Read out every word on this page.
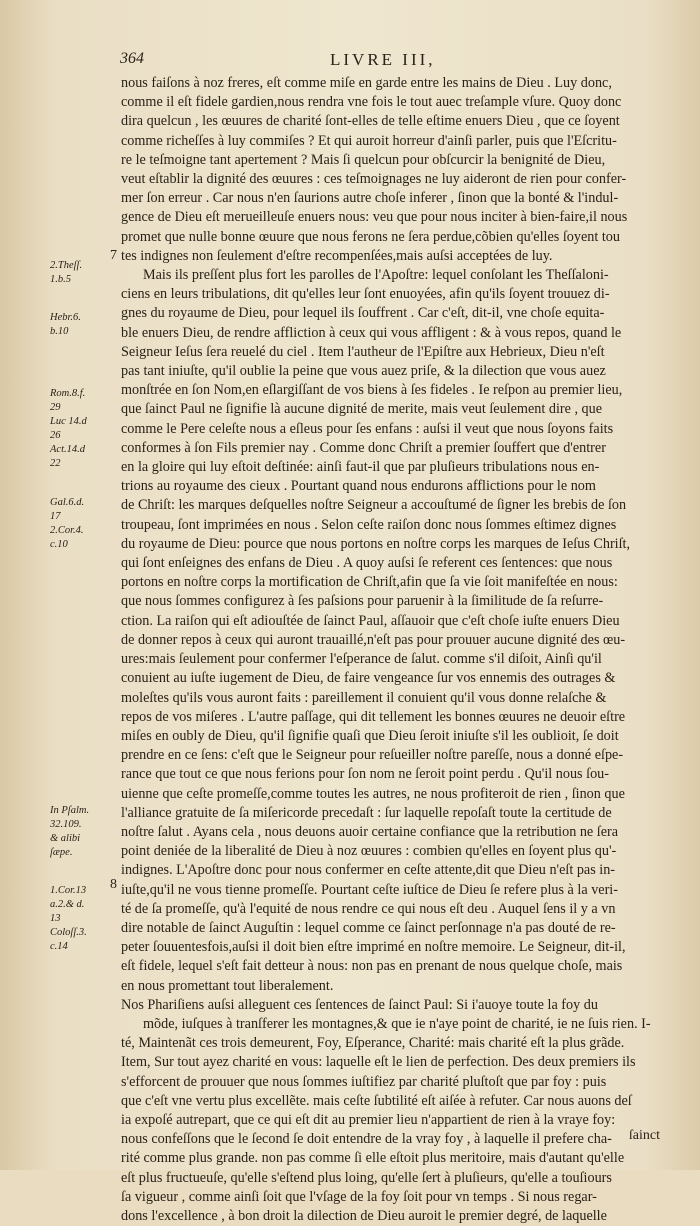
364	LIVRE III,
2.Theſſ.
1.b.5
Hebr.6.
b.10
Rom.8.f.
29
Luc 14.d
26
Act.14.d
22
Gal.6.d.
17
2.Cor.4.
c.10
In Pſalm.
32.109.
& alibi
ſæpe.
1.Cor.13
a.2.& d.
13
Coloſſ.3.
c.14
7
8

nous faiſons à noz freres, eſt comme miſe en garde entre les mains de Dieu . Luy donc,

comme il eſt fidele gardien,nous rendra vne fois le tout auec treſample vſure. Quoy donc

dira quelcun , les œuures de charité ſont-elles de telle eſtime enuers Dieu , que ce ſoyent

comme richeſſes à luy commiſes ? Et qui auroit horreur d'ainſi parler, puis que l'Eſcritu-

re le teſmoigne tant apertement ? Mais ſi quelcun pour obſcurcir la benignité de Dieu,

veut eſtablir la dignité des œuures : ces teſmoignages ne luy aideront de rien pour confer-

mer ſon erreur . Car nous n'en ſaurions autre choſe inferer , ſinon que la bonté & l'indul-

gence de Dieu eſt merueilleuſe enuers nous: veu que pour nous inciter à bien-faire,il nous

promet que nulle bonne œuure que nous ferons ne ſera perdue,cõbien qu'elles ſoyent tou

tes indignes non ſeulement d'eſtre recompenſées,mais auſsi acceptées de luy.

Mais ils preſſent plus fort les parolles de l'Apoſtre: lequel conſolant les Theſſaloni-

ciens en leurs tribulations, dit qu'elles leur ſont enuoyées, afin qu'ils ſoyent trouuez di-

gnes du royaume de Dieu, pour lequel ils ſouffrent . Car c'eſt, dit-il, vne choſe equita-

ble enuers Dieu, de rendre affliction à ceux qui vous affligent : & à vous repos, quand le

Seigneur Ieſus ſera reuelé du ciel . Item l'autheur de l'Epiſtre aux Hebrieux, Dieu n'eſt

pas tant iniuſte, qu'il oublie la peine que vous auez priſe, & la dilection que vous auez

monſtrée en ſon Nom,en eſlargiſſant de vos biens à ſes fideles . Ie reſpon au premier lieu,

que ſainct Paul ne ſignifie là aucune dignité de merite, mais veut ſeulement dire , que

comme le Pere celeſte nous a eſleus pour ſes enfans : auſsi il veut que nous ſoyons faits

conformes à ſon Fils premier nay . Comme donc Chriſt a premier ſouffert que d'entrer

en la gloire qui luy eſtoit deſtinée: ainſi faut-il que par pluſieurs tribulations nous en-

trions au royaume des cieux . Pourtant quand nous endurons afflictions pour le nom

de Chriſt: les marques deſquelles noſtre Seigneur a accouſtumé de ſigner les brebis de ſon

troupeau, ſont imprimées en nous . Selon ceſte raiſon donc nous ſommes eſtimez dignes

du royaume de Dieu: pource que nous portons en noſtre corps les marques de Ieſus Chriſt,

qui ſont enſeignes des enfans de Dieu . A quoy auſsi ſe referent ces ſentences: que nous

portons en noſtre corps la mortification de Chriſt,afin que ſa vie ſoit manifeſtée en nous:

que nous ſommes configurez à ſes paſsions pour paruenir à la ſimilitude de ſa reſurre-

ction. La raiſon qui eſt adiouſtée de ſainct Paul, aſſauoir que c'eſt choſe iuſte enuers Dieu

de donner repos à ceux qui auront trauaillé,n'eſt pas pour prouuer aucune dignité des œu-

ures:mais ſeulement pour confermer l'eſperance de ſalut. comme s'il diſoit, Ainſi qu'il

conuient au iuſte iugement de Dieu, de faire vengeance ſur vos ennemis des outrages &

moleſtes qu'ils vous auront faits : pareillement il conuient qu'il vous donne relaſche &

repos de vos miſeres . L'autre paſſage, qui dit tellement les bonnes œuures ne deuoir eſtre

miſes en oubly de Dieu, qu'il ſignifie quaſi que Dieu ſeroit iniuſte s'il les oublioit, ſe doit

prendre en ce ſens: c'eſt que le Seigneur pour reſueiller noſtre pareſſe, nous a donné eſpe-

rance que tout ce que nous ferions pour ſon nom ne ſeroit point perdu . Qu'il nous ſou-

uienne que ceſte promeſſe,comme toutes les autres, ne nous profiteroit de rien , ſinon que

l'alliance gratuite de ſa miſericorde precedaſt : ſur laquelle repoſaſt toute la certitude de

noſtre ſalut . Ayans cela , nous deuons auoir certaine confiance que la retribution ne ſera

point deniée de la liberalité de Dieu à noz œuures : combien qu'elles en ſoyent plus qu'-

indignes. L'Apoſtre donc pour nous confermer en ceſte attente,dit que Dieu n'eſt pas in-

iuſte,qu'il ne vous tienne promeſſe. Pourtant ceſte iuſtice de Dieu ſe refere plus à la veri-

té de ſa promeſſe, qu'à l'equité de nous rendre ce qui nous eſt deu . Auquel ſens il y a vn

dire notable de ſainct Auguſtin : lequel comme ce ſainct perſonnage n'a pas douté de re-

peter ſouuentesfois,auſsi il doit bien eſtre imprimé en noſtre memoire. Le Seigneur, dit-il,

eſt fidele, lequel s'eſt fait detteur à nous: non pas en prenant de nous quelque choſe, mais

en nous promettant tout liberalement.

Nos Phariſiens auſsi alleguent ces ſentences de ſainct Paul: Si i'auoye toute la foy du

mõde, iuſques à tranſferer les montagnes,& que ie n'aye point de charité, ie ne ſuis rien. I-

té, Maintenãt ces trois demeurent, Foy, Eſperance, Charité: mais charité eſt la plus grãde.

Item, Sur tout ayez charité en vous: laquelle eſt le lien de perfection. Des deux premiers ils

s'efforcent de prouuer que nous ſommes iuſtifiez par charité pluſtoſt que par foy : puis

que c'eſt vne vertu plus excellẽte. mais ceſte ſubtilité eſt aiſée à refuter. Car nous auons deſ

ia expoſé autrepart, que ce qui eſt dit au premier lieu n'appartient de rien à la vraye foy:

nous confeſſons que le ſecond ſe doit entendre de la vray foy , à laquelle il prefere cha-

rité comme plus grande. non pas comme ſi elle eſtoit plus meritoire, mais d'autant qu'elle

eſt plus fructueuſe, qu'elle s'eſtend plus loing, qu'elle ſert à pluſieurs, qu'elle a touſiours

ſa vigueur , comme ainſi ſoit que l'vſage de la foy ſoit pour vn temps . Si nous regar-

dons l'excellence , à bon droit la dilection de Dieu auroit le premier degré, de laquelle

ſainct
